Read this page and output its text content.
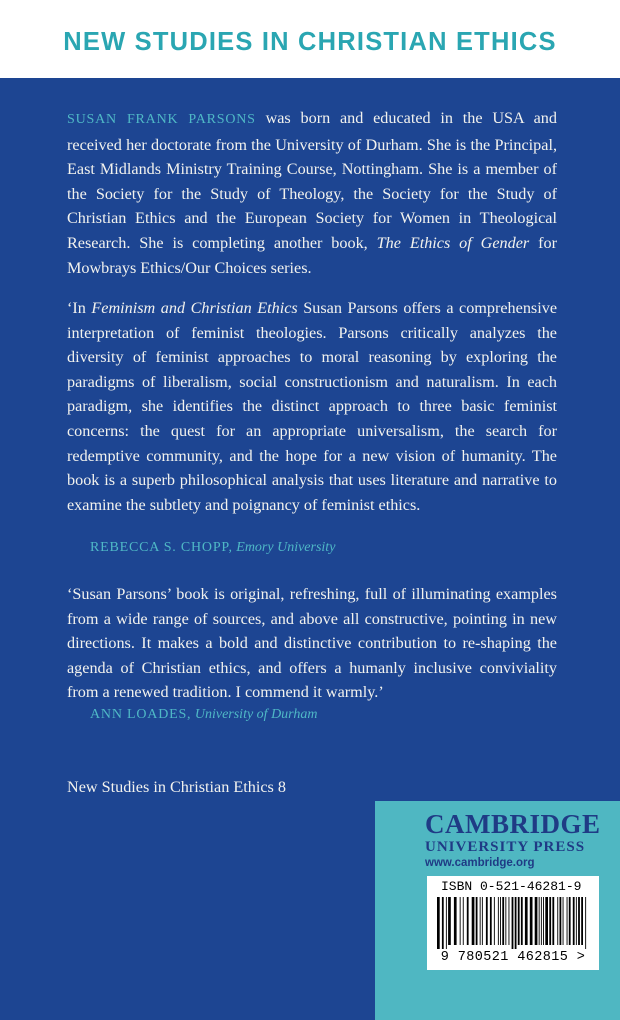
NEW STUDIES IN CHRISTIAN ETHICS

SUSAN FRANK PARSONS was born and educated in the USA and received her doctorate from the University of Durham. She is the Principal, East Midlands Ministry Training Course, Nottingham. She is a member of the Society for the Study of Theology, the Society for the Study of Christian Ethics and the European Society for Women in Theological Research. She is completing another book, The Ethics of Gender for Mowbrays Ethics/Our Choices series.

‘In Feminism and Christian Ethics Susan Parsons offers a comprehensive interpretation of feminist theologies. Parsons critically analyzes the diversity of feminist approaches to moral reasoning by exploring the paradigms of liberalism, social constructionism and naturalism. In each paradigm, she identifies the distinct approach to three basic feminist concerns: the quest for an appropriate universalism, the search for redemptive community, and the hope for a new vision of humanity. The book is a superb philosophical analysis that uses literature and narrative to examine the subtlety and poignancy of feminist ethics.

REBECCA S. CHOPP, Emory University

‘Susan Parsons’ book is original, refreshing, full of illuminating examples from a wide range of sources, and above all constructive, pointing in new directions. It makes a bold and distinctive contribution to re-shaping the agenda of Christian ethics, and offers a humanly inclusive conviviality from a renewed tradition. I commend it warmly.’

ANN LOADES, University of Durham
New Studies in Christian Ethics 8
CAMBRIDGE
UNIVERSITY PRESS
www.cambridge.org
ISBN 0-521-46281-9
9 780521 462815 >
